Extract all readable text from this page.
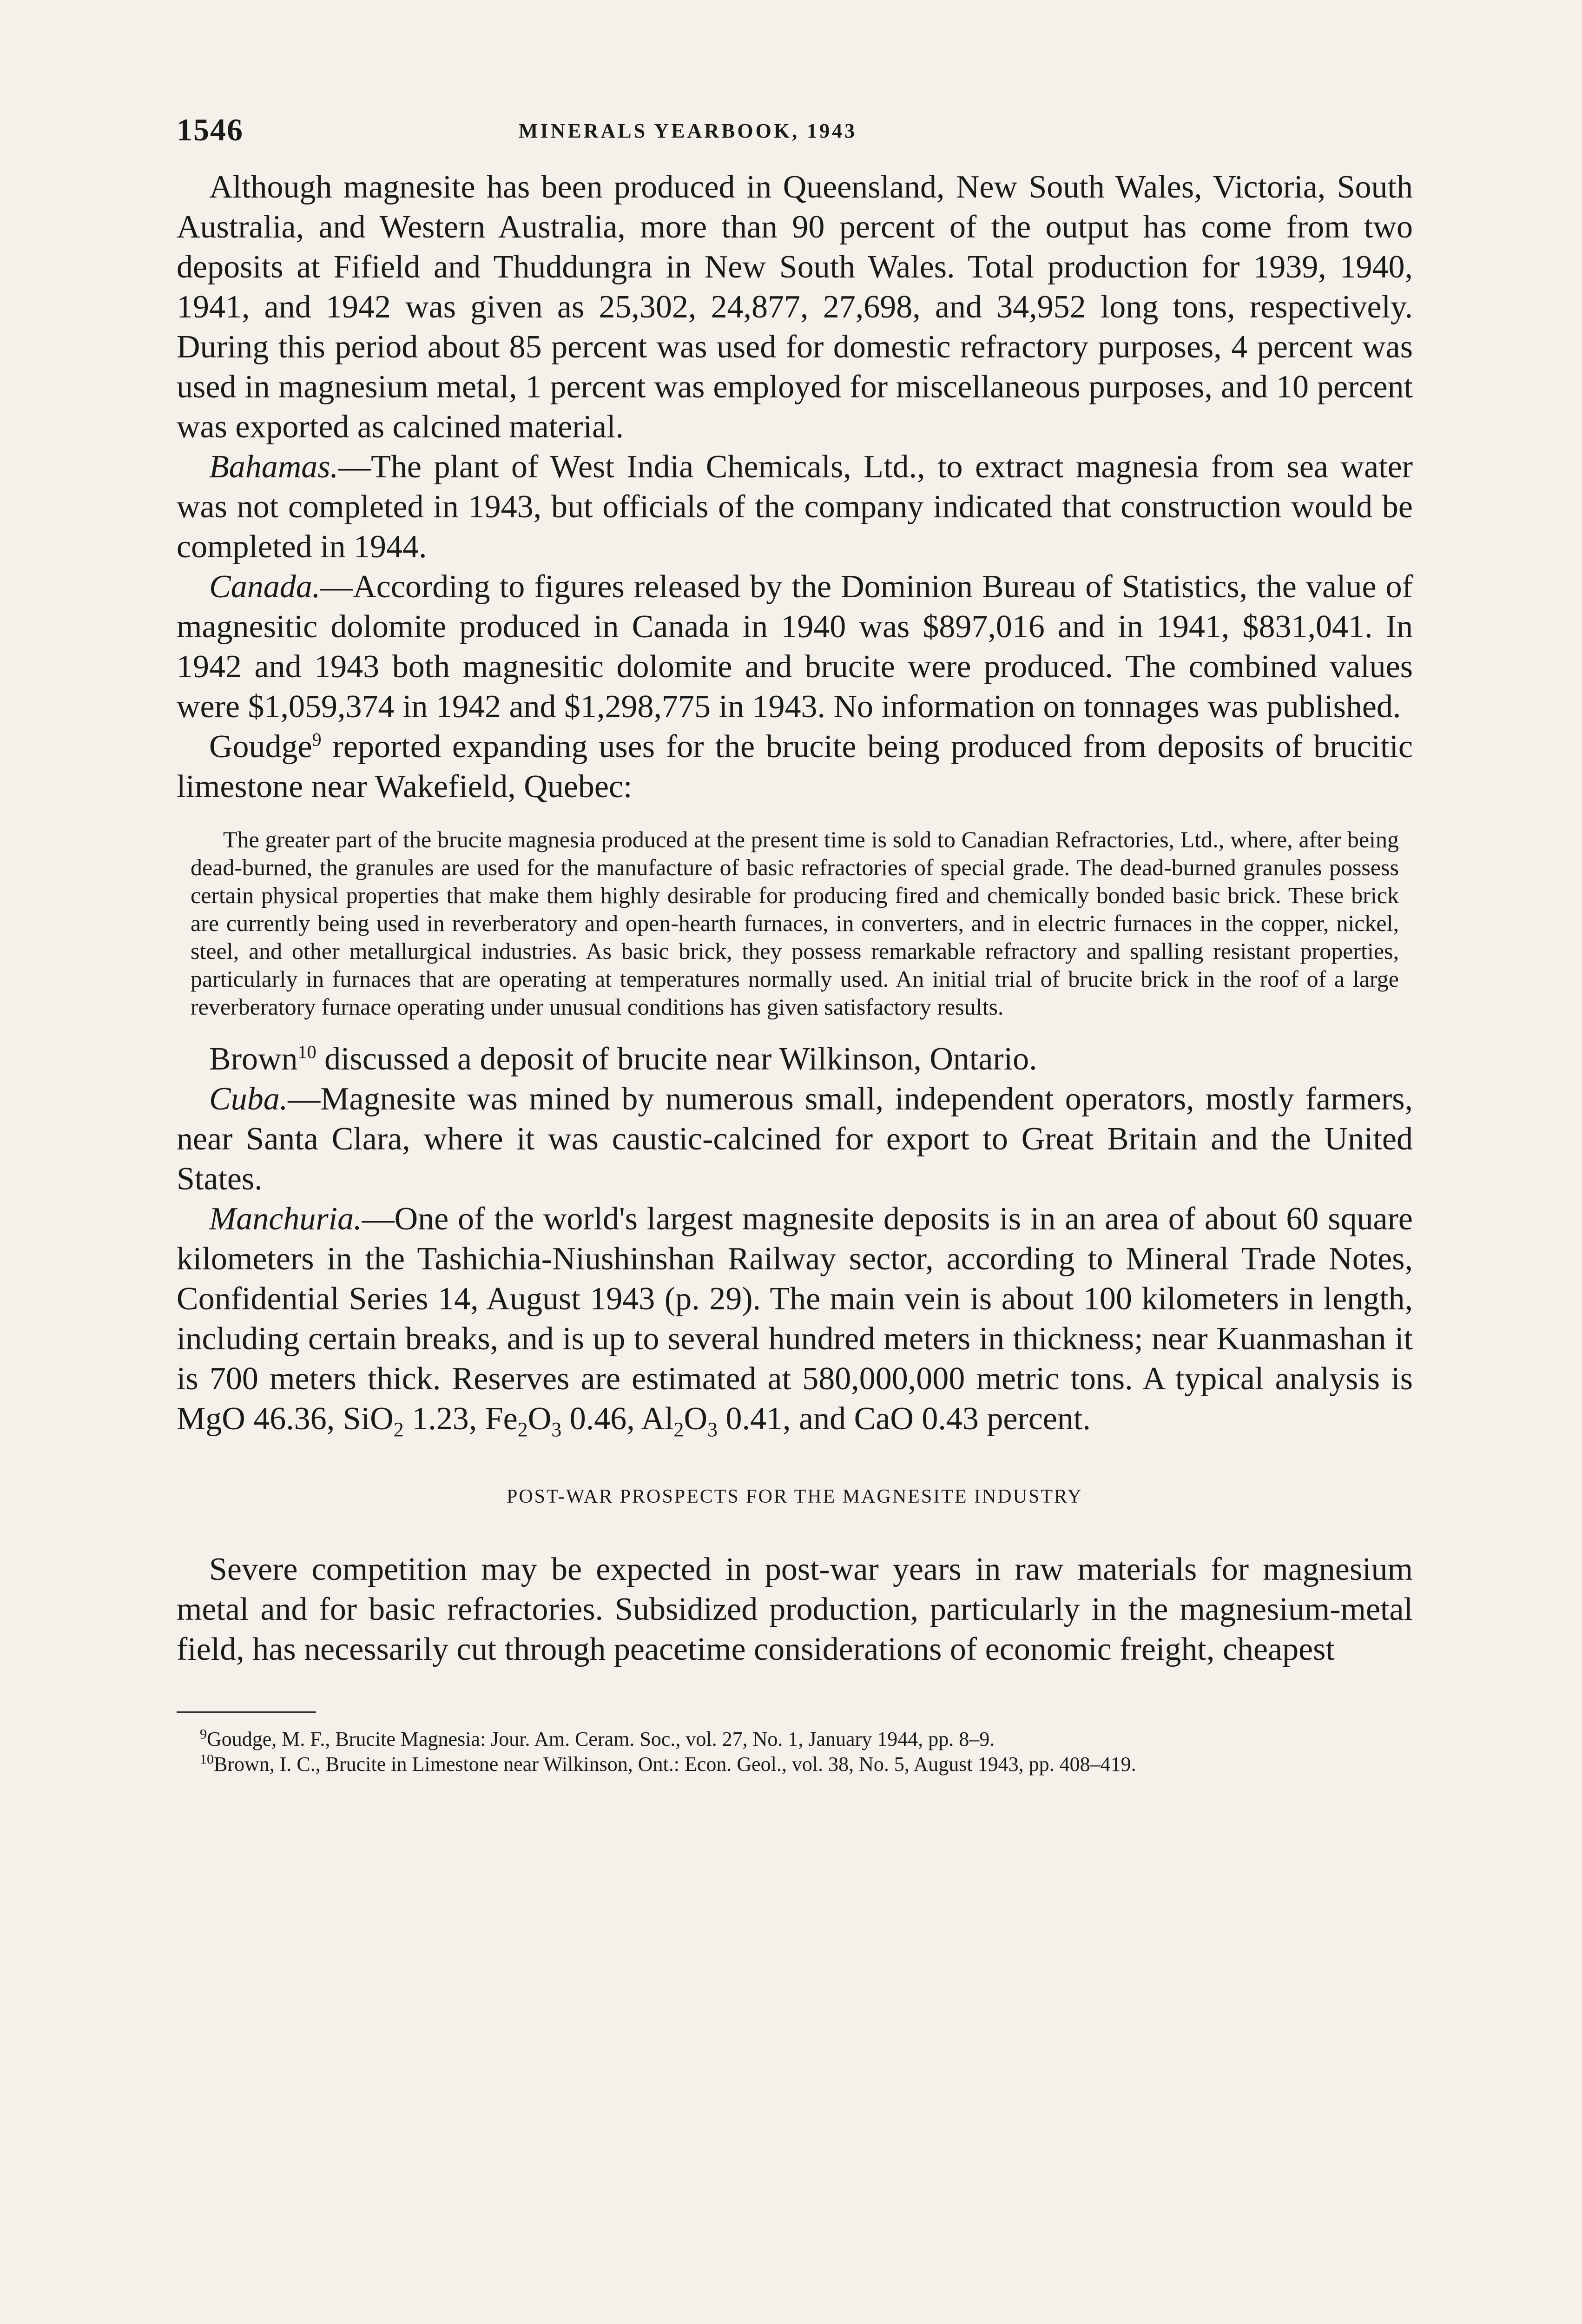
1546	MINERALS YEARBOOK, 1943

Although magnesite has been produced in Queensland, New South Wales, Victoria, South Australia, and Western Australia, more than 90 percent of the output has come from two deposits at Fifield and Thuddungra in New South Wales. Total production for 1939, 1940, 1941, and 1942 was given as 25,302, 24,877, 27,698, and 34,952 long tons, respectively. During this period about 85 percent was used for domestic refractory purposes, 4 percent was used in magnesium metal, 1 percent was employed for miscellaneous purposes, and 10 percent was exported as calcined material.

Bahamas.—The plant of West India Chemicals, Ltd., to extract magnesia from sea water was not completed in 1943, but officials of the company indicated that construction would be completed in 1944.

Canada.—According to figures released by the Dominion Bureau of Statistics, the value of magnesitic dolomite produced in Canada in 1940 was $897,016 and in 1941, $831,041. In 1942 and 1943 both magnesitic dolomite and brucite were produced. The combined values were $1,059,374 in 1942 and $1,298,775 in 1943. No information on tonnages was published.

Goudge$^9$ reported expanding uses for the brucite being produced from deposits of brucitic limestone near Wakefield, Quebec:

The greater part of the brucite magnesia produced at the present time is sold to Canadian Refractories, Ltd., where, after being dead-burned, the granules are used for the manufacture of basic refractories of special grade. The dead-burned granules possess certain physical properties that make them highly desirable for producing fired and chemically bonded basic brick. These brick are currently being used in reverberatory and open-hearth furnaces, in converters, and in electric furnaces in the copper, nickel, steel, and other metallurgical industries. As basic brick, they possess remarkable refractory and spalling resistant properties, particularly in furnaces that are operating at temperatures normally used. An initial trial of brucite brick in the roof of a large reverberatory furnace operating under unusual conditions has given satisfactory results.

Brown$^{10}$ discussed a deposit of brucite near Wilkinson, Ontario.

Cuba.—Magnesite was mined by numerous small, independent operators, mostly farmers, near Santa Clara, where it was caustic-calcined for export to Great Britain and the United States.

Manchuria.—One of the world's largest magnesite deposits is in an area of about 60 square kilometers in the Tashichia-Niushinshan Railway sector, according to Mineral Trade Notes, Confidential Series 14, August 1943 (p. 29). The main vein is about 100 kilometers in length, including certain breaks, and is up to several hundred meters in thickness; near Kuanmashan it is 700 meters thick. Reserves are estimated at 580,000,000 metric tons. A typical analysis is MgO 46.36, SiO$_2$ 1.23, $Fe_2O_3$ 0.46, $Al_2O_3$ 0.41, and CaO 0.43 percent.

POST-WAR PROSPECTS FOR THE MAGNESITE INDUSTRY

Severe competition may be expected in post-war years in raw materials for magnesium metal and for basic refractories. Subsidized production, particularly in the magnesium-metal field, has necessarily cut through peacetime considerations of economic freight, cheapest

$^9$Goudge, M. F., Brucite Magnesia: Jour. Am. Ceram. Soc., vol. 27, No. 1, January 1944, pp. 8–9.

$^{10}$Brown, I. C., Brucite in Limestone near Wilkinson, Ont.: Econ. Geol., vol. 38, No. 5, August 1943, pp. 408–419.
